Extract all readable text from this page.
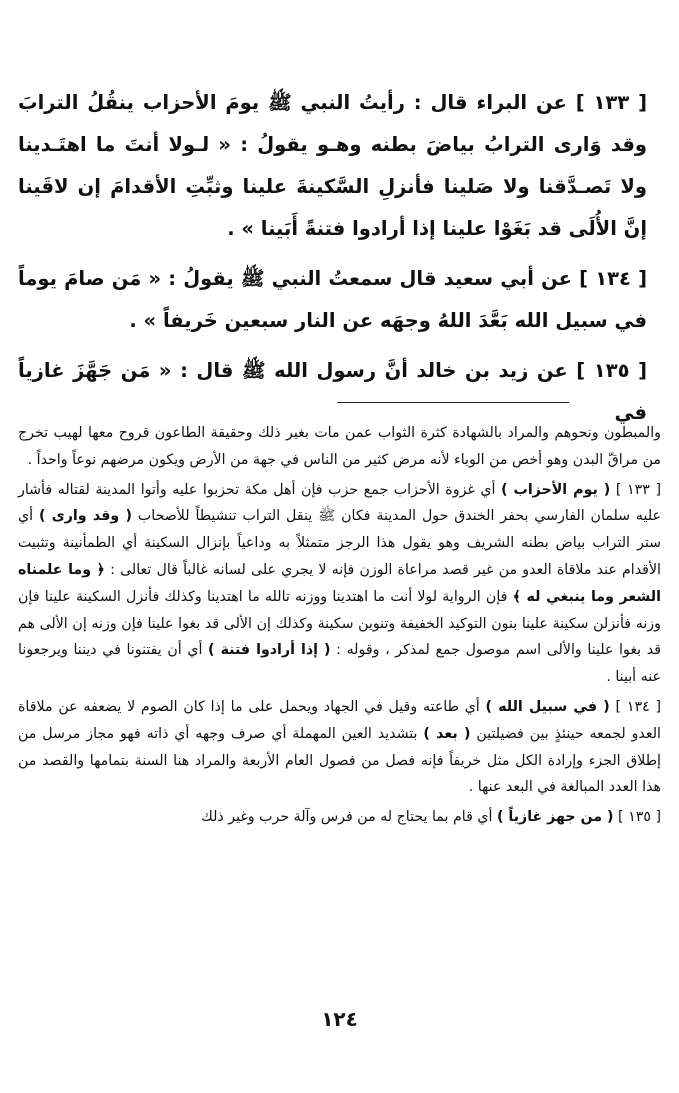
[ ١٣٣ ] عن البراء قال : رأيتُ النبي ﷺ يومَ الأحزاب ينقُلُ الترابَ وقد وَارى الترابُ بياضَ بطنه وهـو يقولُ : « لـولا أنتَ ما اهتَـدينا ولا تَصـدَّقنا ولا صَلينا فأنزلِ السَّكينةَ علينا وثبِّتِ الأقدامَ إن لاقَينا إنَّ الأُلَى قد بَغَوْا علينا إذا أرادوا فتنةً أَبَينا » .

[ ١٣٤ ] عن أبي سعيد قال سمعتُ النبي ﷺ يقولُ : « مَن صامَ يوماً في سبيل الله بَعَّدَ اللهُ وجهَه عن النار سبعين خَريفاً » .

[ ١٣٥ ] عن زيد بن خالد أنَّ رسول الله ﷺ قال : « مَن جَهَّزَ غازياً في

والمبطون ونحوهم والمراد بالشهادة كثرة الثواب عمن مات بغير ذلك وحقيقة الطاعون قروح معها لهيب تخرج من مراقّ البدن وهو أخص من الوباء لأنه مرض كثير من الناس في جهة من الأرض ويكون مرضهم نوعاً واحداً .

[ ١٣٣ ] ( يوم الأحزاب ) أي غزوة الأحزاب جمع حزب فإن أهل مكة تحزبوا عليه وأتوا المدينة لقتاله فأشار عليه سلمان الفارسي بحفر الخندق حول المدينة فكان ﷺ ينقل التراب تنشيطاً للأصحاب ( وقد وارى ) أي ستر التراب بياض بطنه الشريف وهو يقول هذا الرجز متمثلاً به وداعياً بإنزال السكينة أي الطمأنينة وتثبيت الأقدام عند ملاقاة العدو من غير قصد مراعاة الوزن فإنه لا يجري على لسانه غالباً قال تعالى : ﴿ وما علمناه الشعر وما ينبغي له ﴾ فإن الرواية لولا أنت ما اهتدينا ووزنه تالله ما اهتدينا وكذلك فأنزل السكينة علينا فإن وزنه فأنزلن سكينة علينا بنون التوكيد الخفيفة وتنوين سكينة وكذلك إن الألى قد بغوا علينا فإن وزنه إن الألى هم قد بغوا علينا والألى اسم موصول جمع لمذكر ، وقوله : ( إذا أرادوا فتنة ) أي أن يفتنونا في ديننا ويرجعونا عنه أبينا .

[ ١٣٤ ] ( في سبيل الله ) أي طاعته وقيل في الجهاد ويحمل على ما إذا كان الصوم لا يضعفه عن ملاقاة العدو لجمعه حينئذٍ بين فضيلتين ( بعد ) بتشديد العين المهملة أي صرف وجهه أي ذاته فهو مجاز مرسل من إطلاق الجزء وإرادة الكل مثل خريفاً فإنه فصل من فصول العام الأربعة والمراد هنا السنة بتمامها والقصد من هذا العدد المبالغة في البعد عنها .

[ ١٣٥ ] ( من جهز غازياً ) أي قام بما يحتاج له من فرس وآلة حرب وغير ذلك

١٢٤
